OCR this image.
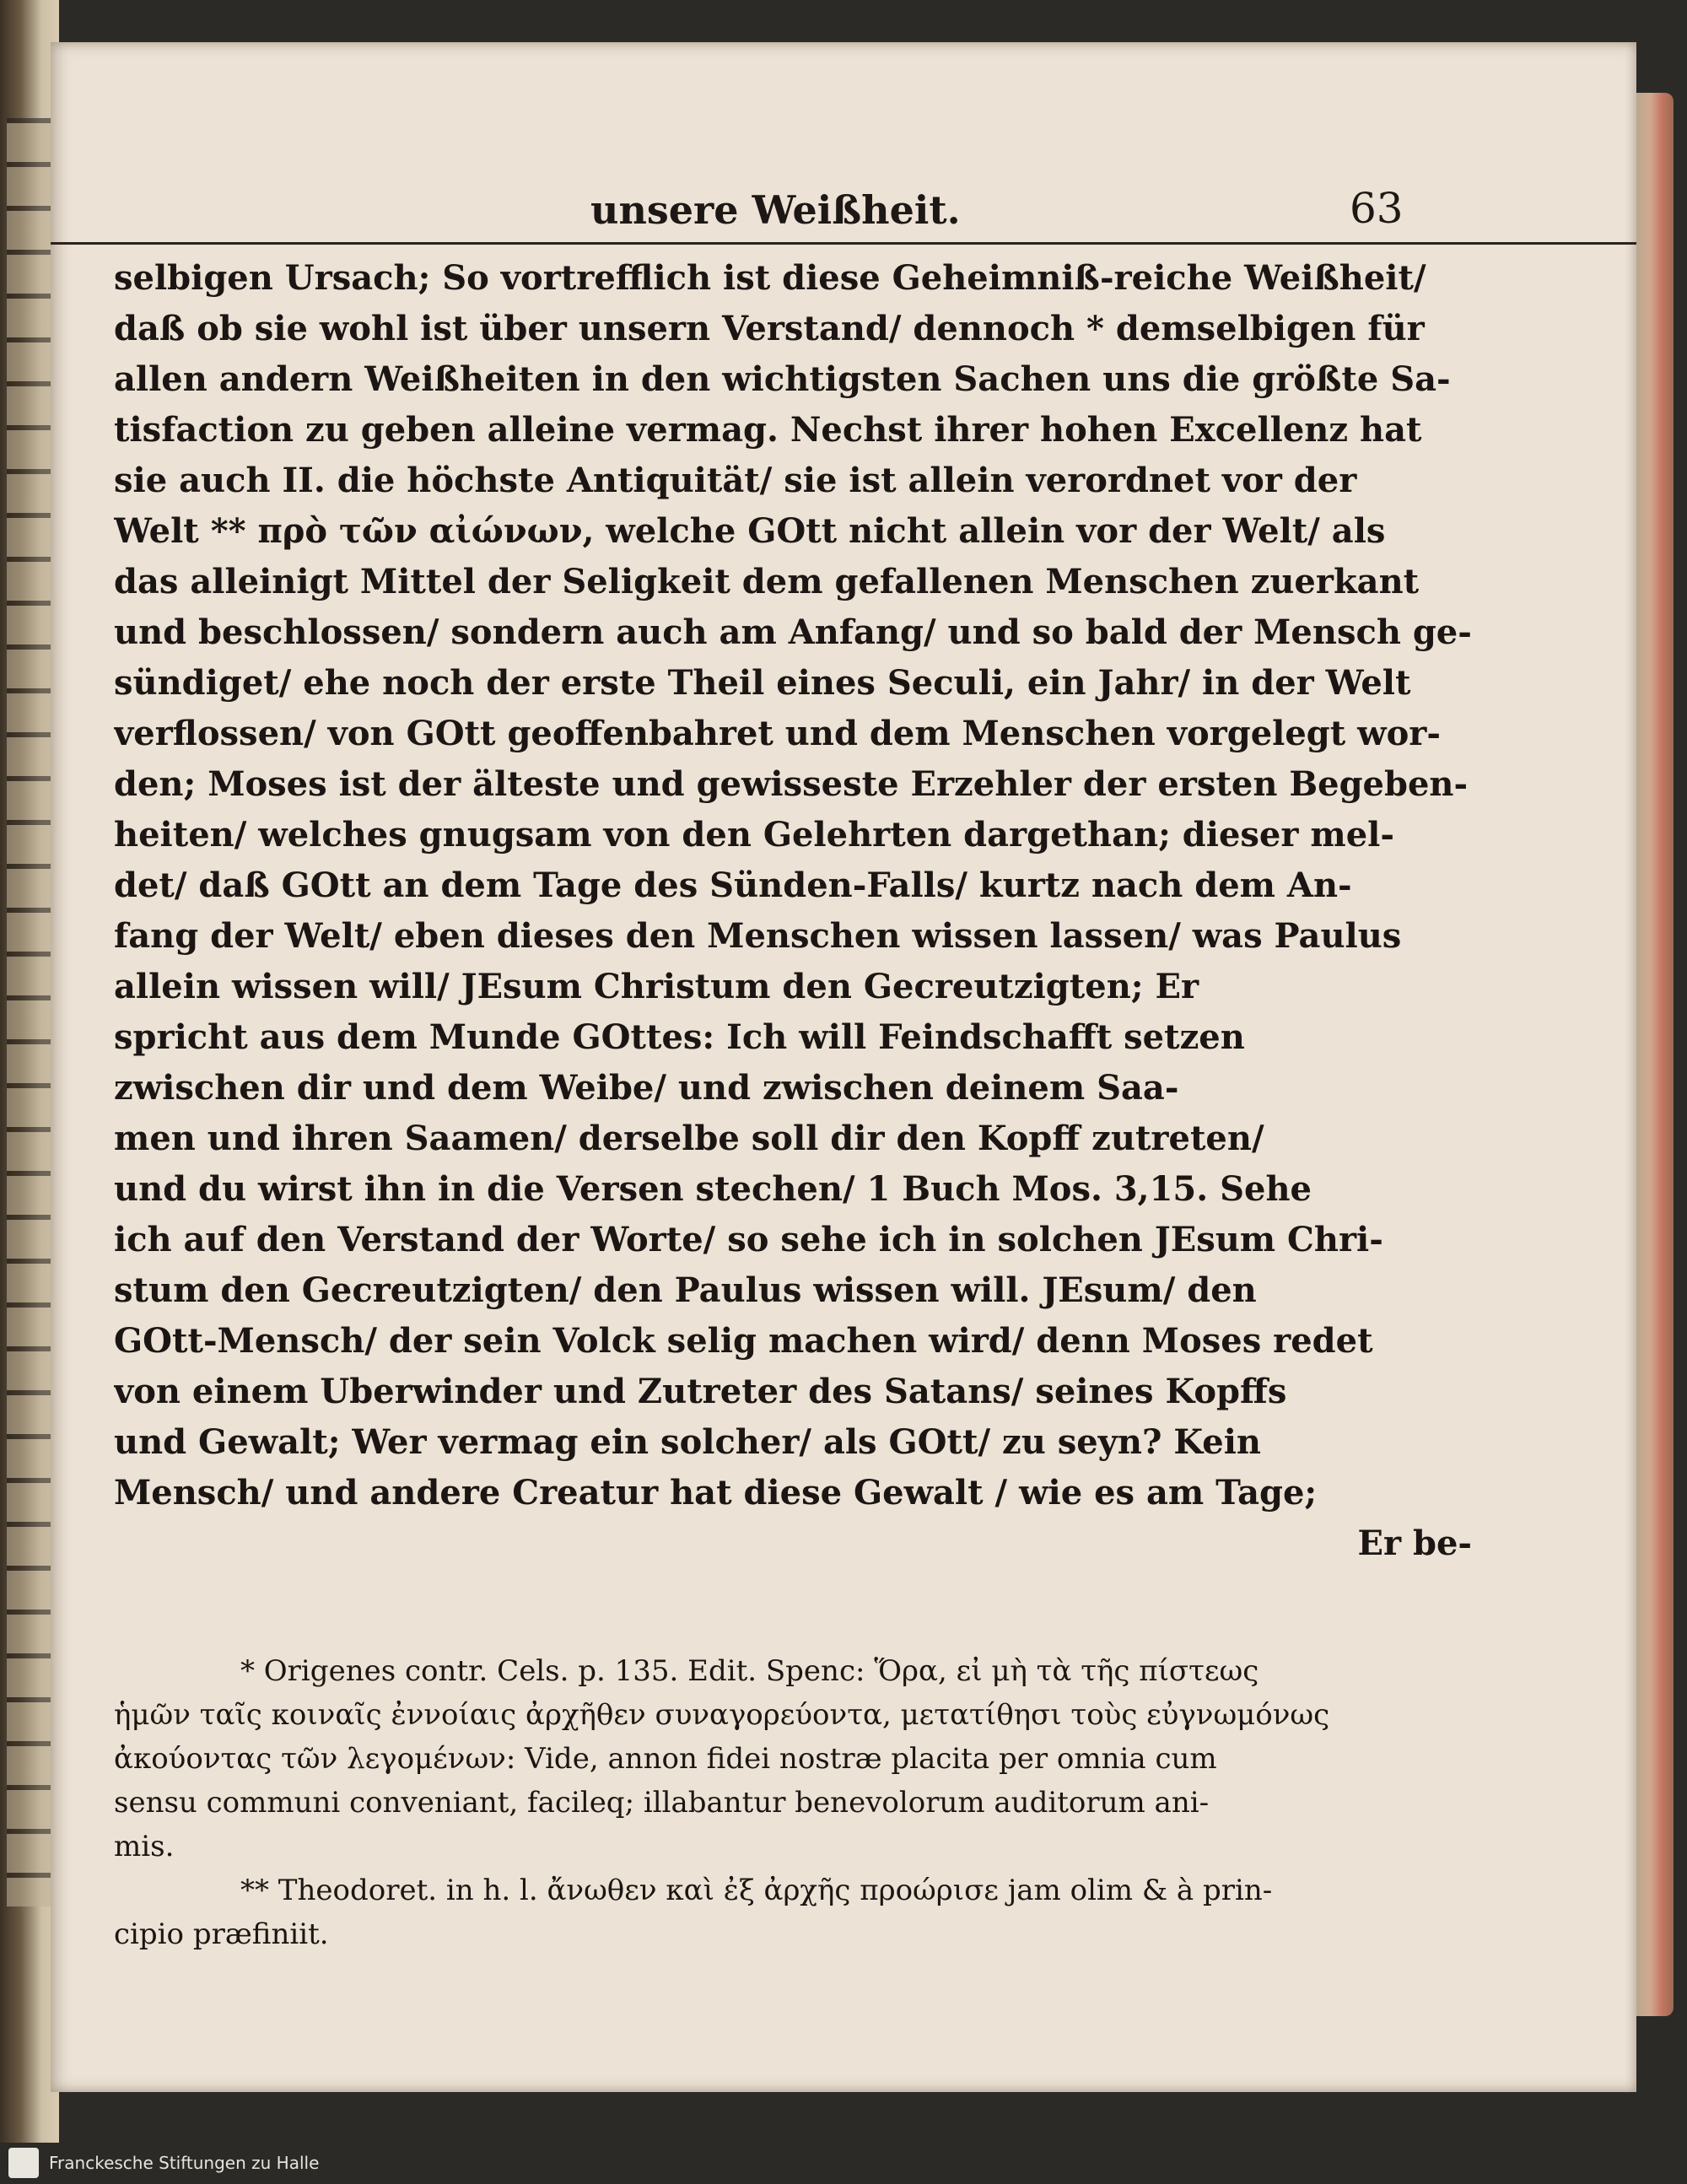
unsere Weißheit.	63
selbigen Ursach; So vortrefflich ist diese Geheimniß-reiche Weißheit/
daß ob sie wohl ist über unsern Verstand/ dennoch * demselbigen für
allen andern Weißheiten in den wichtigsten Sachen uns die größte Sa-
tisfaction zu geben alleine vermag. Nechst ihrer hohen Excellenz hat
sie auch II. die höchste Antiquität/ sie ist allein verordnet vor der
Welt ** πρὸ τῶν αἰώνων, welche GOtt nicht allein vor der Welt/ als
das alleinigt Mittel der Seligkeit dem gefallenen Menschen zuerkant
und beschlossen/ sondern auch am Anfang/ und so bald der Mensch ge-
sündiget/ ehe noch der erste Theil eines Seculi, ein Jahr/ in der Welt
verflossen/ von GOtt geoffenbahret und dem Menschen vorgelegt wor-
den; Moses ist der älteste und gewisseste Erzehler der ersten Begeben-
heiten/ welches gnugsam von den Gelehrten dargethan; dieser mel-
det/ daß GOtt an dem Tage des Sünden-Falls/ kurtz nach dem An-
fang der Welt/ eben dieses den Menschen wissen lassen/ was Paulus
allein wissen will/ JEsum Christum den Gecreutzigten; Er
spricht aus dem Munde GOttes: Ich will Feindschafft setzen
zwischen dir und dem Weibe/ und zwischen deinem Saa-
men und ihren Saamen/ derselbe soll dir den Kopff zutreten/
und du wirst ihn in die Versen stechen/ 1 Buch Mos. 3,15. Sehe
ich auf den Verstand der Worte/ so sehe ich in solchen JEsum Chri-
stum den Gecreutzigten/ den Paulus wissen will. JEsum/ den
GOtt-Mensch/ der sein Volck selig machen wird/ denn Moses redet
von einem Uberwinder und Zutreter des Satans/ seines Kopffs
und Gewalt; Wer vermag ein solcher/ als GOtt/ zu seyn? Kein
Mensch/ und andere Creatur hat diese Gewalt / wie es am Tage;
Er be-
* Origenes contr. Cels. p. 135. Edit. Spenc: Ὅρα, εἰ μὴ τὰ τῆς πίστεως
ἡμῶν ταῖς κοιναῖς ἐννοίαις ἀρχῆθεν συναγορεύοντα, μετατίθησι τοὺς εὐγνωμόνως
ἀκούοντας τῶν λεγομένων: Vide, annon fidei nostræ placita per omnia cum
sensu communi conveniant, facileq; illabantur benevolorum auditorum ani-
mis.
** Theodoret. in h. l. ἄνωθεν καὶ ἐξ ἀρχῆς προώρισε jam olim & à prin-
cipio præfiniit.
Franckesche Stiftungen zu Halle
